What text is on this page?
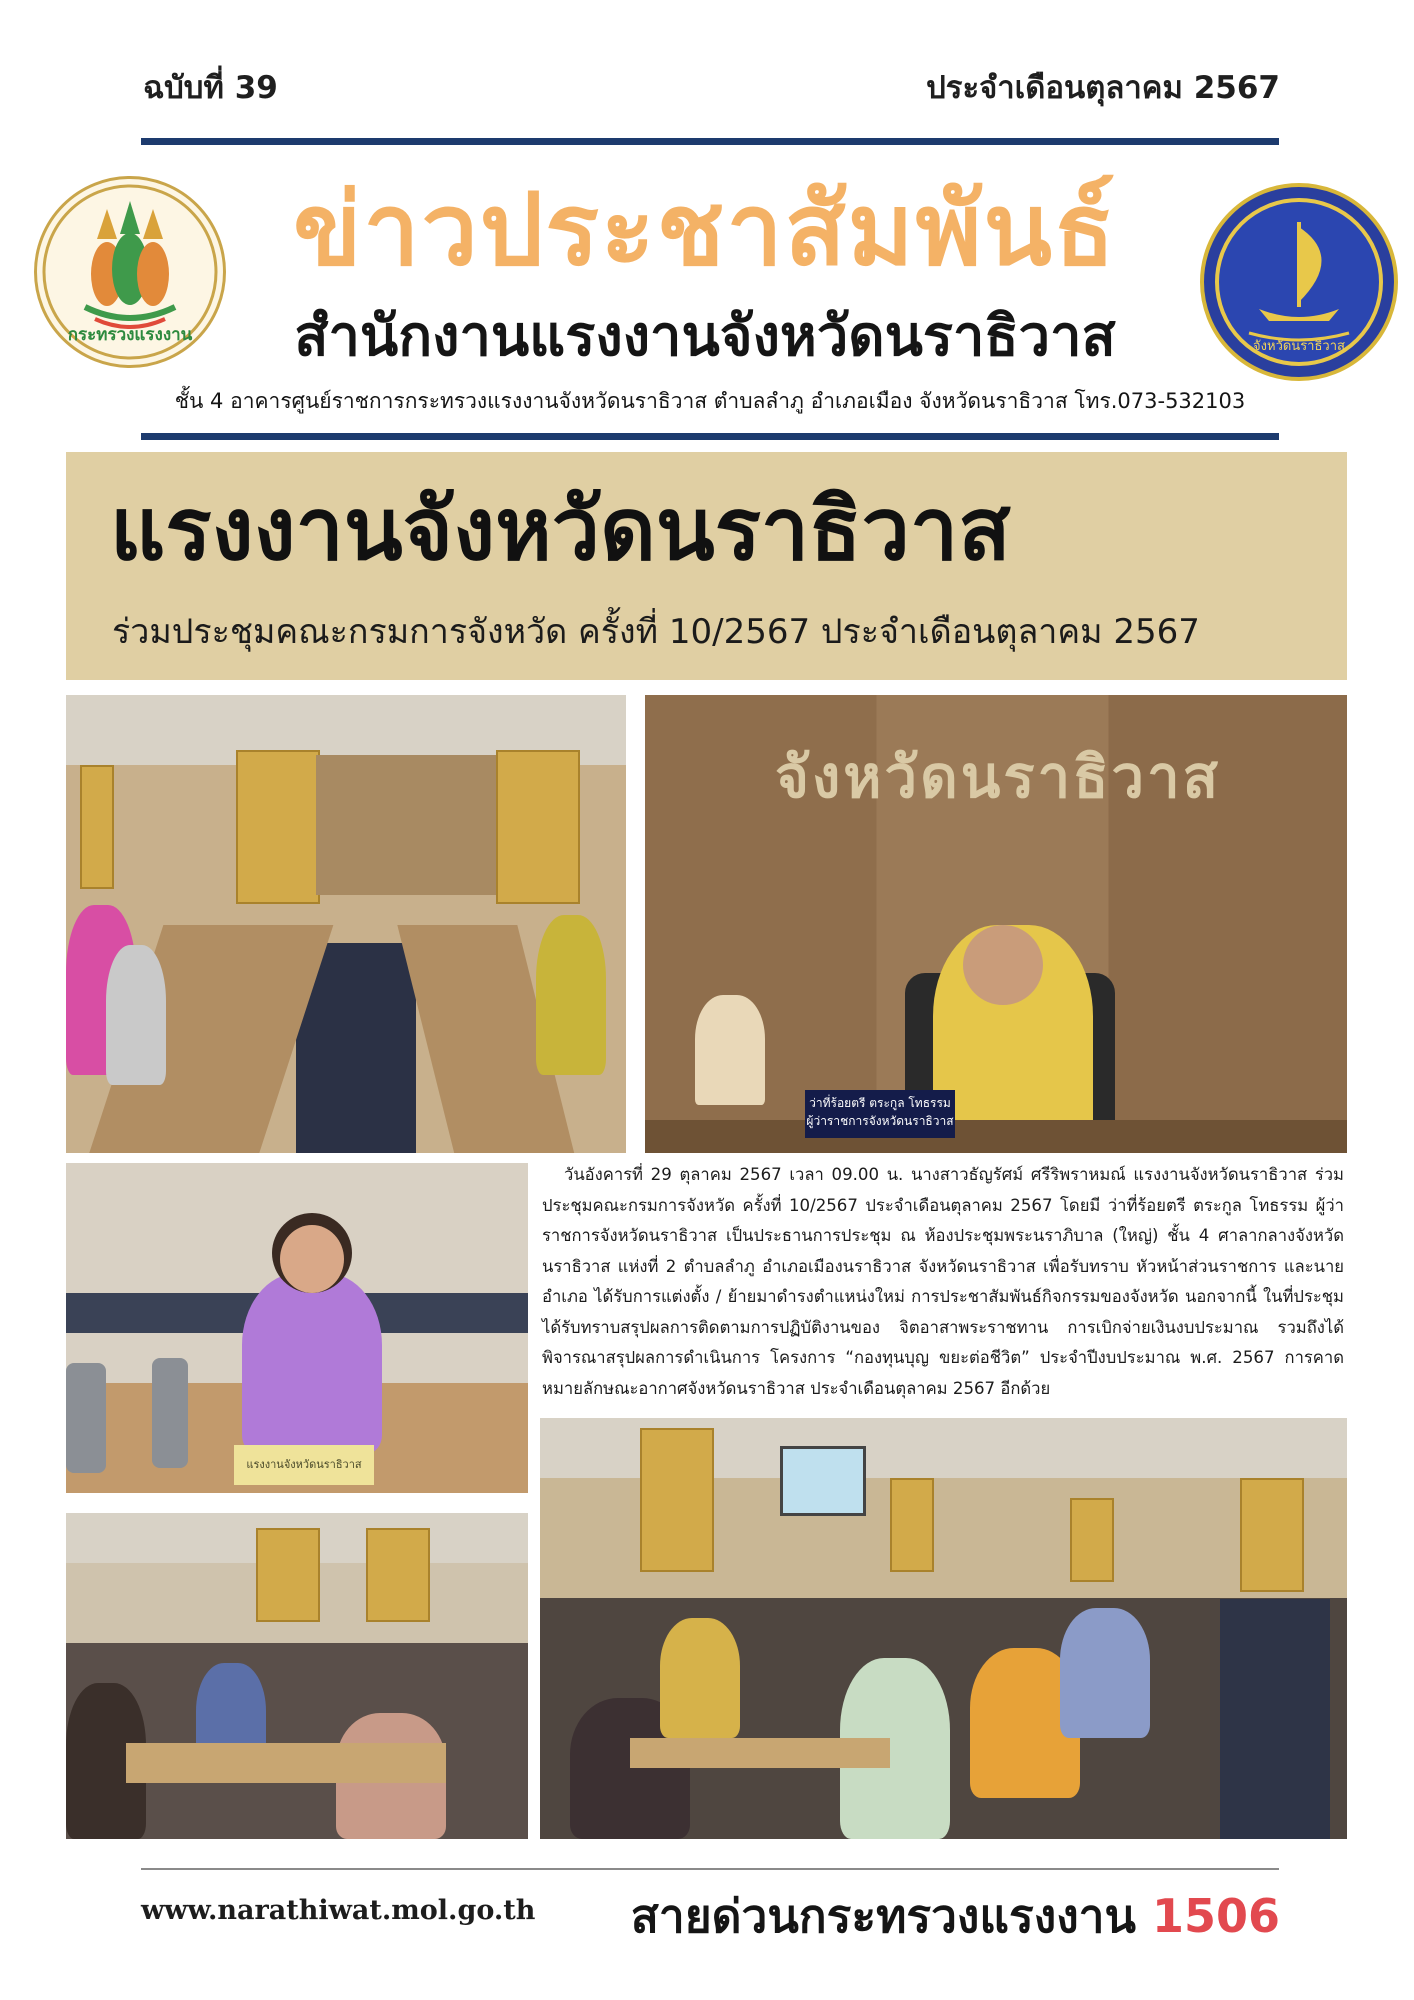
ฉบับที่ 39	ประจำเดือนตุลาคม 2567
กระทรวงแรงงาน
จังหวัดนราธิวาส
ข่าวประชาสัมพันธ์
สำนักงานแรงงานจังหวัดนราธิวาส
ชั้น 4 อาคารศูนย์ราชการกระทรวงแรงงานจังหวัดนราธิวาส ตำบลลำภู อำเภอเมือง จังหวัดนราธิวาส โทร.073-532103
แรงงานจังหวัดนราธิวาส
ร่วมประชุมคณะกรมการจังหวัด ครั้งที่ 10/2567 ประจำเดือนตุลาคม 2567
จังหวัดนราธิวาส
ว่าที่ร้อยตรี ตระกูล โทธรรม
ผู้ว่าราชการจังหวัดนราธิวาส
แรงงานจังหวัดนราธิวาส
วันอังคารที่ 29 ตุลาคม 2567 เวลา 09.00 น. นางสาวธัญรัศม์ ศรีริพราหมณ์ แรงงานจังหวัดนราธิวาส ร่วมประชุมคณะกรมการจังหวัด ครั้งที่ 10/2567 ประจำเดือนตุลาคม 2567 โดยมี ว่าที่ร้อยตรี ตระกูล โทธรรม ผู้ว่าราชการจังหวัดนราธิวาส เป็นประธานการประชุม ณ ห้องประชุมพระนราภิบาล (ใหญ่) ชั้น 4 ศาลากลางจังหวัดนราธิวาส แห่งที่ 2 ตำบลลำภู อำเภอเมืองนราธิวาส จังหวัดนราธิวาส เพื่อรับทราบ หัวหน้าส่วนราชการ และนายอำเภอ ได้รับการแต่งตั้ง / ย้ายมาดำรงตำแหน่งใหม่ การประชาสัมพันธ์กิจกรรมของจังหวัด นอกจากนี้ ในที่ประชุมได้รับทราบสรุปผลการติดตามการปฏิบัติงานของ จิตอาสาพระราชทาน การเบิกจ่ายเงินงบประมาณ รวมถึงได้พิจารณาสรุปผลการดำเนินการ โครงการ “กองทุนบุญ ขยะต่อชีวิต” ประจำปีงบประมาณ พ.ศ. 2567 การคาดหมายลักษณะอากาศจังหวัดนราธิวาส ประจำเดือนตุลาคม 2567 อีกด้วย
www.narathiwat.mol.go.th สายด่วนกระทรวงแรงงาน 1506
